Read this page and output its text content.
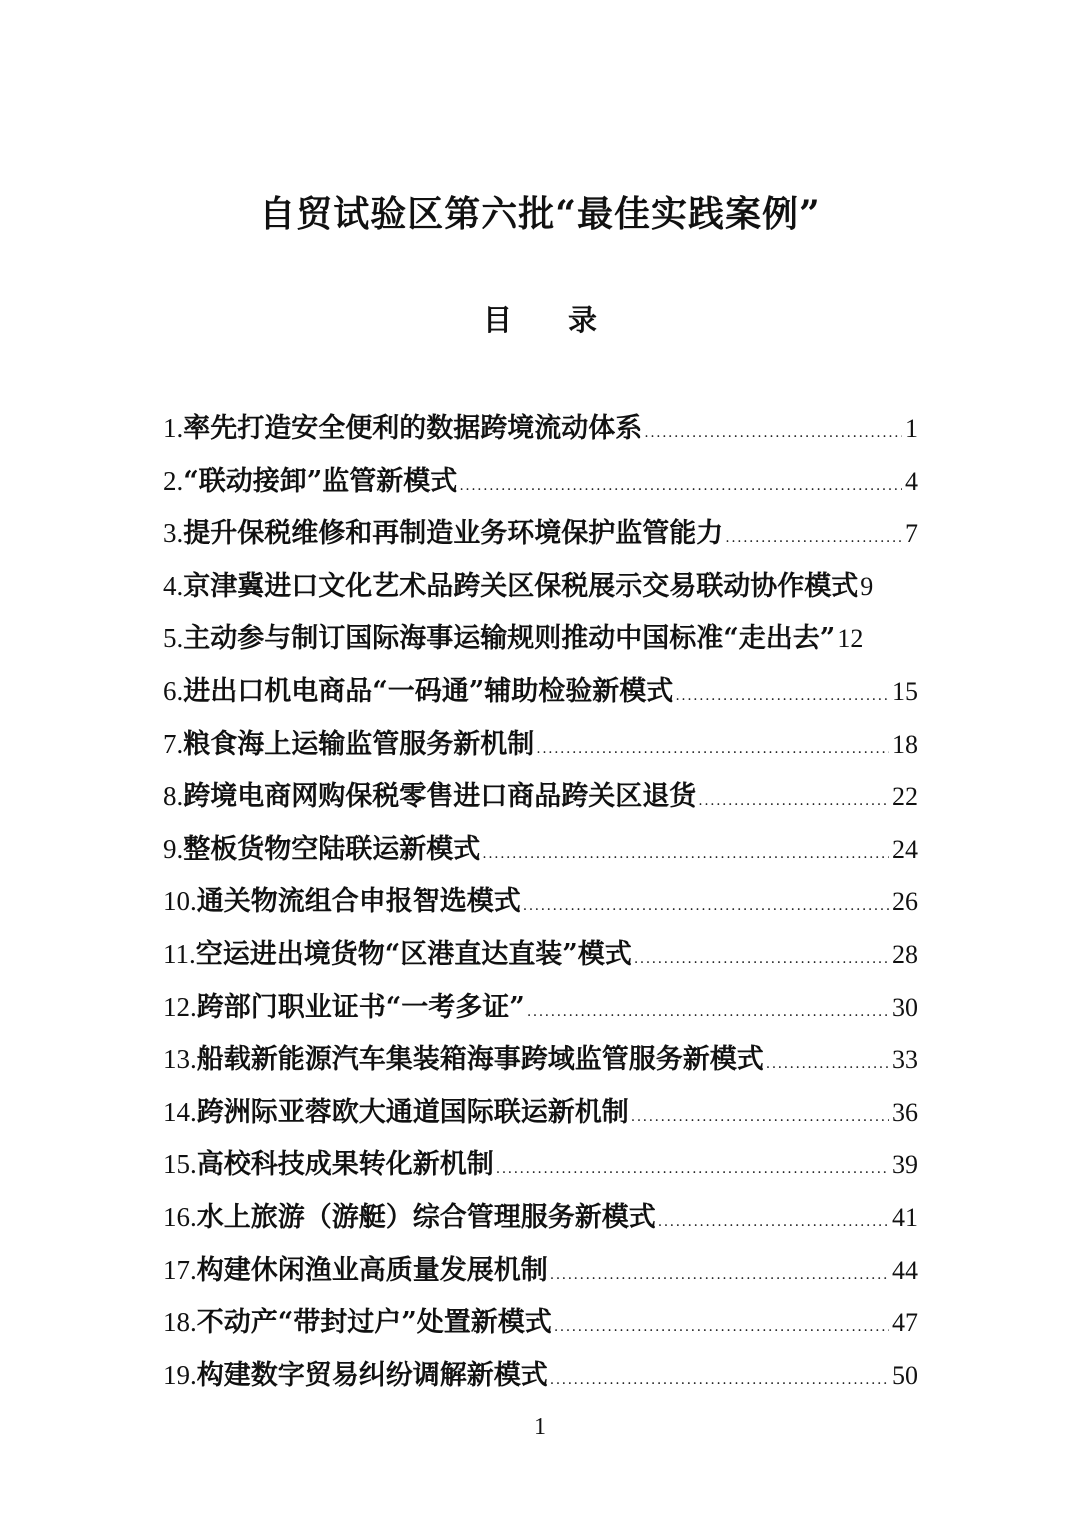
自贸试验区第六批“最佳实践案例”
目录
1. 率先打造安全便利的数据跨境流动体系 .....	1
2. “联动接卸”监管新模式 .....	4
3. 提升保税维修和再制造业务环境保护监管能力 .....	7
4. 京津冀进口文化艺术品跨关区保税展示交易联动协作模式 9
5. 主动参与制订国际海事运输规则推动中国标准“走出去” 12
6. 进出口机电商品“一码通”辅助检验新模式 .....	15
7. 粮食海上运输监管服务新机制 .....	18
8. 跨境电商网购保税零售进口商品跨关区退货 .....	22
9. 整板货物空陆联运新模式 .....	24
10. 通关物流组合申报智选模式 .....	26
11. 空运进出境货物“区港直达直装”模式 .....	28
12. 跨部门职业证书“一考多证” .....	30
13. 船载新能源汽车集装箱海事跨域监管服务新模式 .....	33
14. 跨洲际亚蓉欧大通道国际联运新机制 .....	36
15. 高校科技成果转化新机制 .....	39
16. 水上旅游（游艇）综合管理服务新模式 .....	41
17. 构建休闲渔业高质量发展机制 .....	44
18. 不动产“带封过户”处置新模式 .....	47
19. 构建数字贸易纠纷调解新模式 .....	50
1
